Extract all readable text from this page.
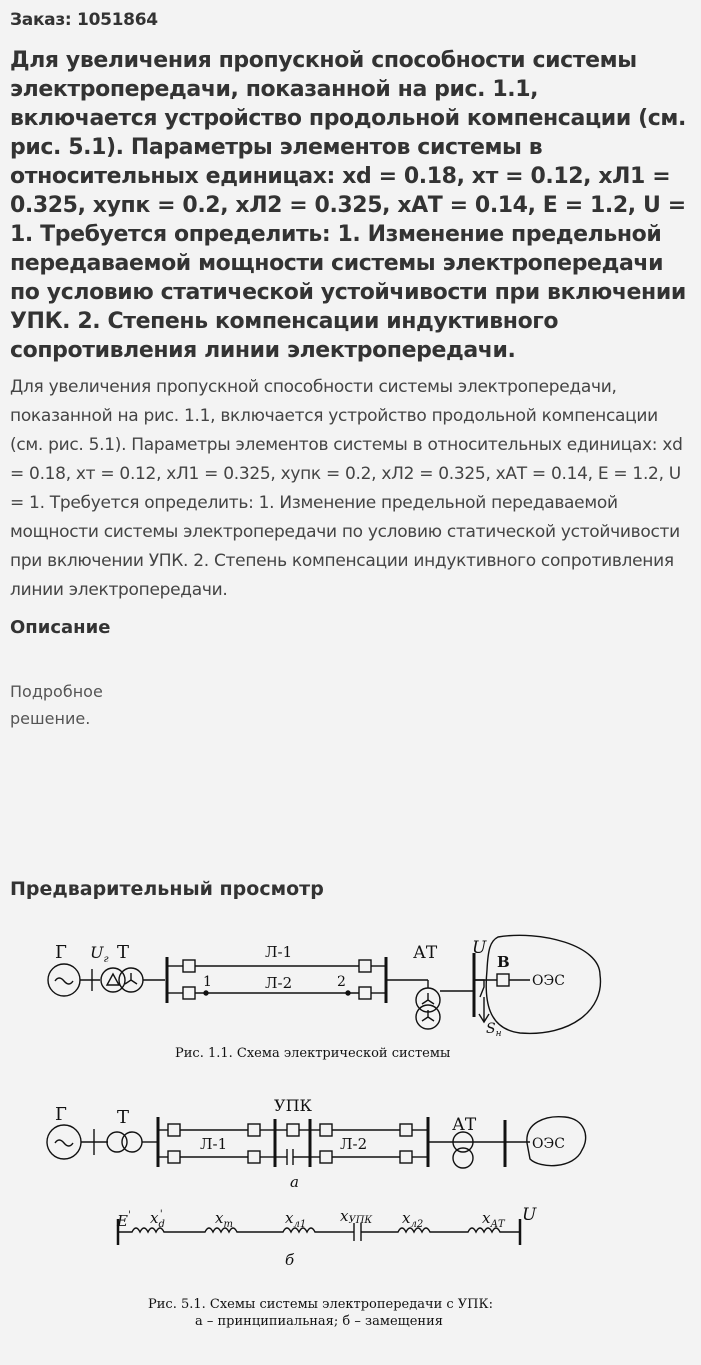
Заказ: 1051864
Для увеличения пропускной способности системы электропередачи, показанной на рис. 1.1, включается устройство продольной компенсации (см. рис. 5.1). Параметры элементов системы в относительных единицах: xd = 0.18, хт = 0.12, хЛ1 = 0.325, хупк = 0.2, хЛ2 = 0.325, хАТ = 0.14, E = 1.2, U = 1. Требуется определить: 1. Изменение предельной передаваемой мощности системы электропередачи по условию статической устойчивости при включении УПК. 2. Степень компенсации индуктивного сопротивления линии электропередачи.

Для увеличения пропускной способности системы электропередачи, показанной на рис. 1.1, включается устройство продольной компенсации (см. рис. 5.1). Параметры элементов системы в относительных единицах: xd = 0.18, хт = 0.12, хЛ1 = 0.325, хупк = 0.2, хЛ2 = 0.325, хАТ = 0.14, E = 1.2, U = 1. Требуется определить: 1. Изменение предельной передаваемой мощности системы электропередачи по условию статической устойчивости при включении УПК. 2. Степень компенсации индуктивного сопротивления линии электропередачи.

Описание
Подробное
решение.
Предварительный просмотр
Г $U_г$ Т	Л-1
Л-2
1	2
АТ U
В
ОЭС
$S_н$
Рис. 1.1. Схема электрической системы
Г	Т
Л-1
УПК
Л-2
АТ
ОЭС
а
E' $x_d'$	$x_т$	$x_{л1}$ xУПК $x_{л2}$	$x_{АТ}$ U
б
Рис. 5.1. Схемы системы электропередачи с УПК:
а – принципиальная; б – замещения
